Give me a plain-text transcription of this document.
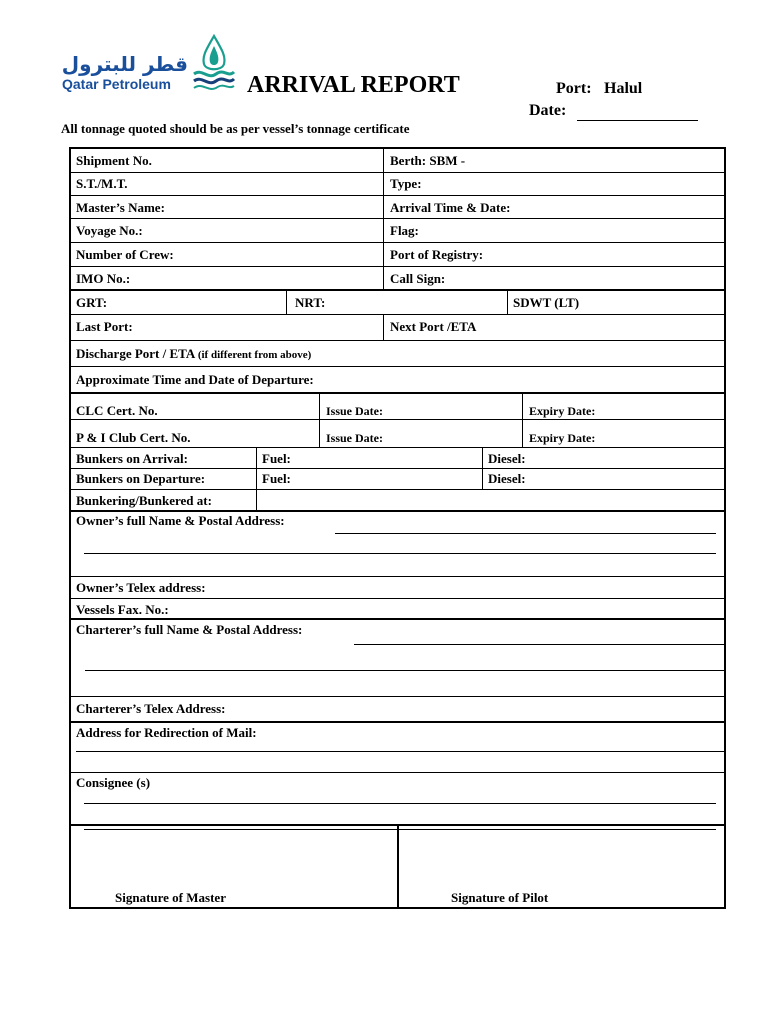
قطر للبترول
Qatar Petroleum	ARRIVAL REPORT	Port: Halul
Date:
All tonnage quoted should be as per vessel’s tonnage certificate
Shipment No.	Berth: SBM -
S.T./M.T.	Type:
Master’s Name:	Arrival Time & Date:
Voyage No.:	Flag:
Number of Crew:	Port of Registry:
IMO No.:	Call Sign:
GRT:	NRT:	SDWT (LT)
Last Port:	Next Port /ETA
Discharge Port / ETA (if different from above)
Approximate Time and Date of Departure:
CLC Cert. No.	Issue Date:	Expiry Date:
P & I Club Cert. No.	Issue Date:	Expiry Date:
Bunkers on Arrival:	Fuel:	Diesel:
Bunkers on Departure:	Fuel:	Diesel:
Bunkering/Bunkered at:
Owner’s full Name & Postal Address:
Owner’s Telex address:
Vessels Fax. No.:
Charterer’s full Name & Postal Address:
Charterer’s Telex Address:
Address for Redirection of Mail:
Consignee (s)
Signature of Master	Signature of Pilot
